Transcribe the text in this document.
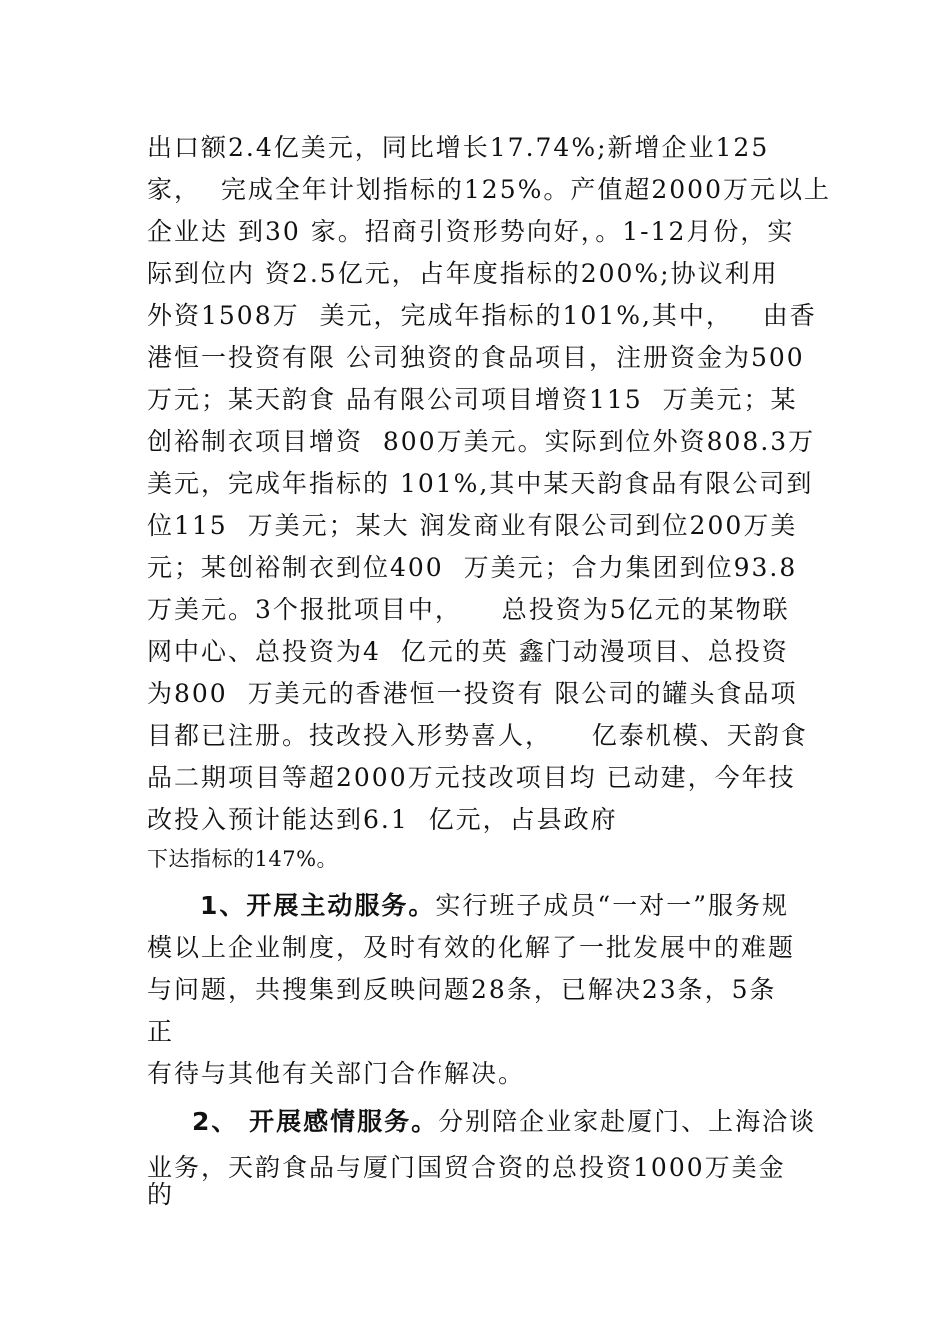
出口额2.4亿美元，同比增长17.74%;新增企业125
家，  完成全年计划指标的125%。产值超2000万元以上
企业达 到30 家。招商引资形势向好，。1-12月份，实
际到位内 资2.5亿元，占年度指标的200%;协议利用
外资1508万  美元，完成年指标的101%,其中，   由香
港恒一投资有限 公司独资的食品项目，注册资金为500
万元；某天韵食 品有限公司项目增资115  万美元；某
创裕制衣项目增资  800万美元。实际到位外资808.3万
美元，完成年指标的 101%,其中某天韵食品有限公司到
位115  万美元；某大 润发商业有限公司到位200万美
元；某创裕制衣到位400  万美元；合力集团到位93.8
万美元。3个报批项目中，    总投资为5亿元的某物联
网中心、总投资为4  亿元的英 鑫门动漫项目、总投资
为800  万美元的香港恒一投资有 限公司的罐头食品项
目都已注册。技改投入形势喜人，    亿泰机模、天韵食
品二期项目等超2000万元技改项目均 已动建，今年技
改投入预计能达到6.1  亿元，占县政府
下达指标的147%。
1、开展主动服务。实行班子成员“一对一”服务规
模以上企业制度，及时有效的化解了一批发展中的难题
与问题，共搜集到反映问题28条，已解决23条，5条
正
有待与其他有关部门合作解决。
2、 开展感情服务。分别陪企业家赴厦门、上海洽谈
业务，天韵食品与厦门国贸合资的总投资1000万美金
的
